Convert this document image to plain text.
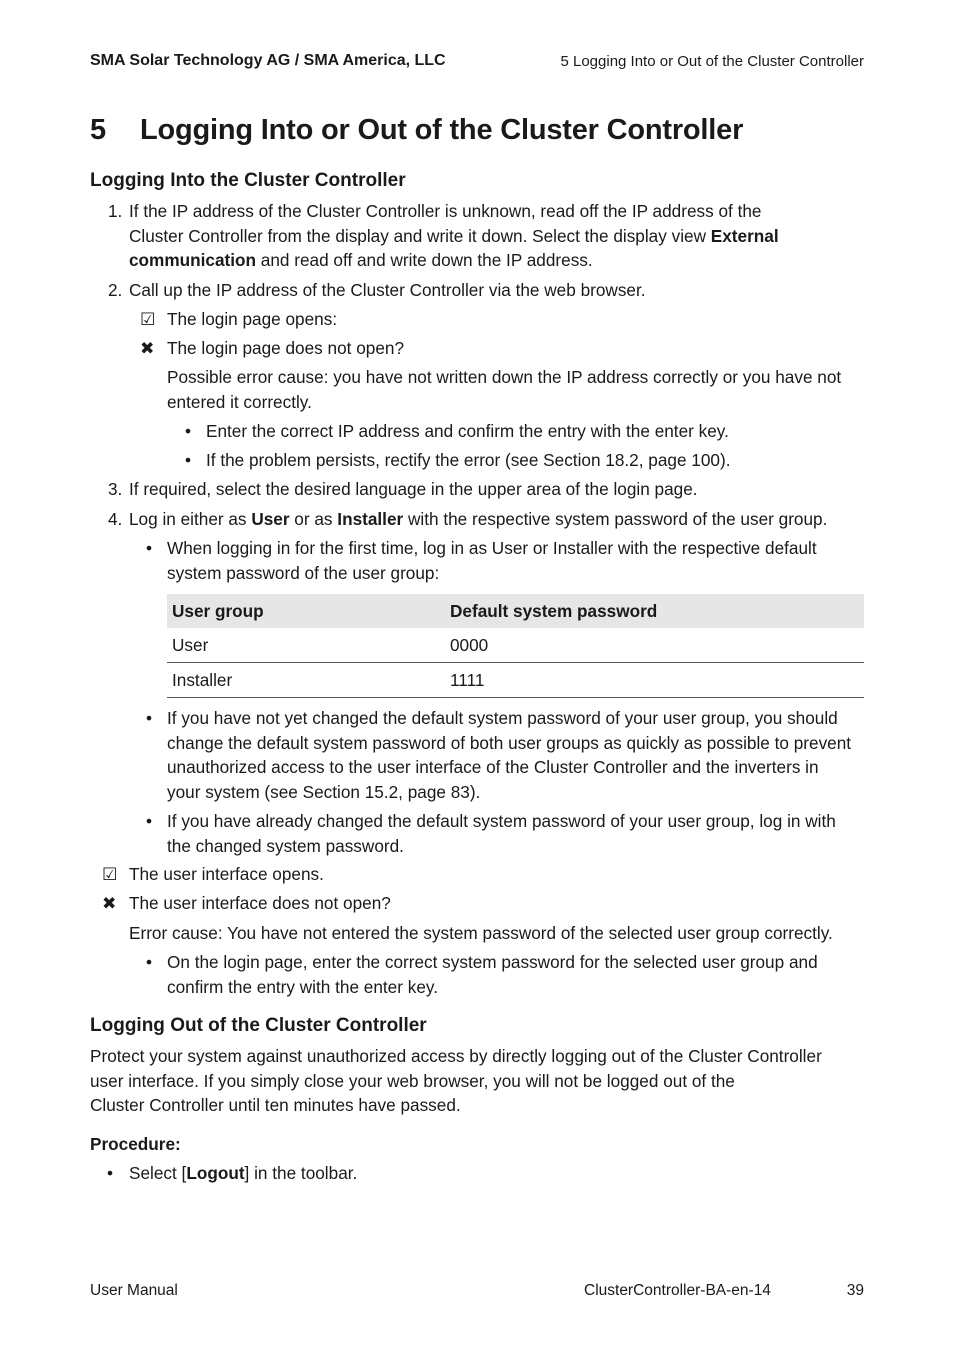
SMA Solar Technology AG / SMA America, LLC	5 Logging Into or Out of the Cluster Controller
5 Logging Into or Out of the Cluster Controller
Logging Into the Cluster Controller
1. If the IP address of the Cluster Controller is unknown, read off the IP address of the
Cluster Controller from the display and write it down. Select the display view External
communication and read off and write down the IP address.
2. Call up the IP address of the Cluster Controller via the web browser.
☑ The login page opens:
✖ The login page does not open?
Possible error cause: you have not written down the IP address correctly or you have not
entered it correctly.
• Enter the correct IP address and confirm the entry with the enter key.
• If the problem persists, rectify the error (see Section 18.2, page 100).
3. If required, select the desired language in the upper area of the login page.
4. Log in either as User or as Installer with the respective system password of the user group.
• When logging in for the first time, log in as User or Installer with the respective default
system password of the user group:
User group	Default system password
User	0000
Installer	1111
• If you have not yet changed the default system password of your user group, you should
change the default system password of both user groups as quickly as possible to prevent
unauthorized access to the user interface of the Cluster Controller and the inverters in
your system (see Section 15.2, page 83).
• If you have already changed the default system password of your user group, log in with
the changed system password.
☑ The user interface opens.
✖ The user interface does not open?
Error cause: You have not entered the system password of the selected user group correctly.
• On the login page, enter the correct system password for the selected user group and
confirm the entry with the enter key.
Logging Out of the Cluster Controller
Protect your system against unauthorized access by directly logging out of the Cluster Controller
user interface. If you simply close your web browser, you will not be logged out of the
Cluster Controller until ten minutes have passed.
Procedure:
• Select [Logout] in the toolbar.
User Manual	ClusterController-BA-en-14	39
